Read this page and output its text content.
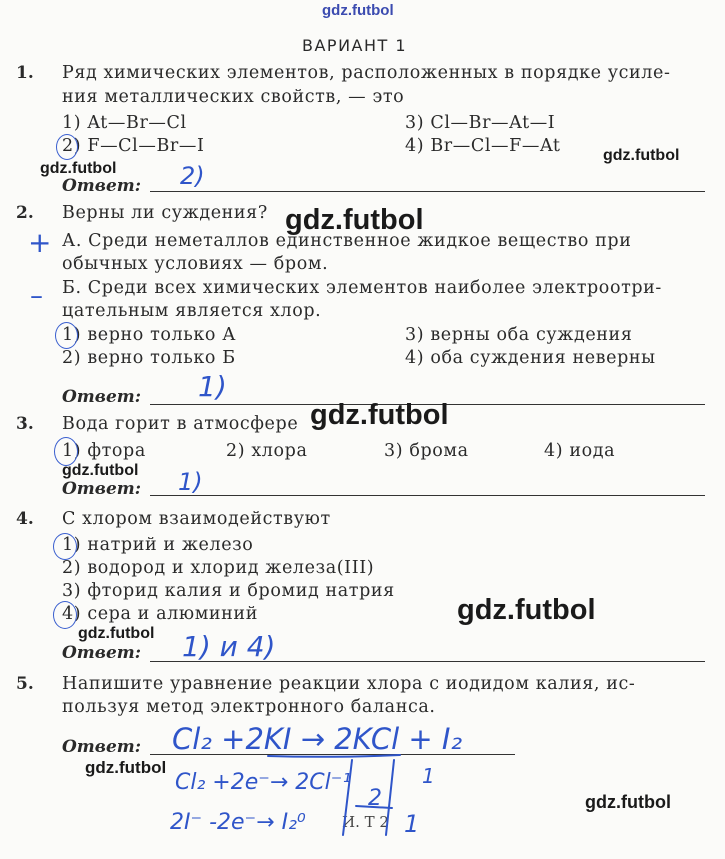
gdz.futbol
ВАРИАНТ 1
1. Ряд химических элементов, расположенных в порядке усиле-
ния металлических свойств, — это
1) At—Br—Cl	3) Cl—Br—At—I
2) F—Cl—Br—I	4) Br—Cl—F—At
gdz.futbol
gdz.futbol
Ответ: 2)
2. Верны ли суждения? gdz.futbol
+ А. Среди неметаллов единственное жидкое вещество при
обычных условиях — бром.
– Б. Среди всех химических элементов наиболее электроотри-
цательным является хлор.
1) верно только А	3) верны оба суждения
2) верно только Б	4) оба суждения неверны
Ответ: 1)
3. Вода горит в атмосфере gdz.futbol
1) фтора	2) хлора	3) брома	4) иода
gdz.futbol
Ответ: 1)
4. С хлором взаимодействуют
1) натрий и железо
2) водород и хлорид железа(III)
3) фторид калия и бромид натрия
4) сера и алюминий	gdz.futbol
gdz.futbol
Ответ: 1) и 4)
5. Напишите уравнение реакции хлора с иодидом калия, ис-
пользуя метод электронного баланса.
Ответ: Cl₂ +2KI → 2KCl + I₂
gdz.futbol
Cl₂ +2e⁻→ 2Cl⁻¹
2
1
2I⁻ -2e⁻→ I₂⁰	1
И. Т 2
gdz.futbol
